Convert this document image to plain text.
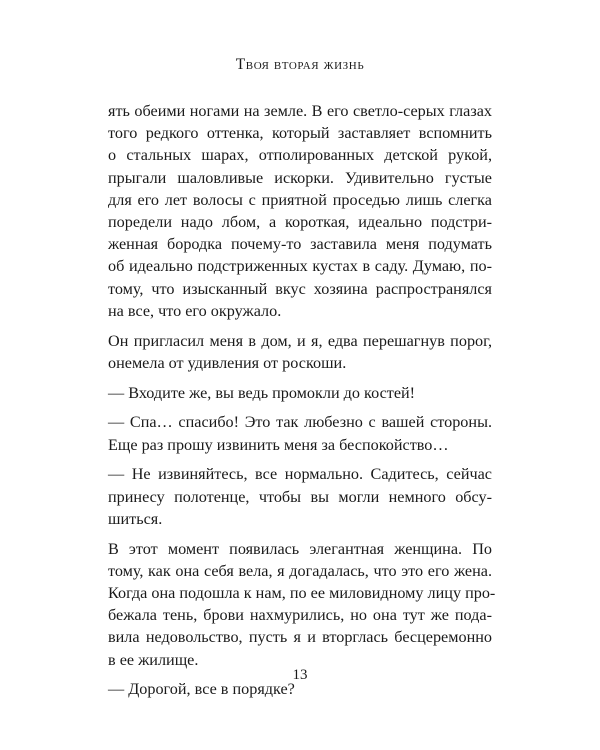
Твоя вторая жизнь
ять обеими ногами на земле. В его светло-серых глазах
того редкого оттенка, который заставляет вспомнить
о стальных шарах, отполированных детской рукой,
прыгали шаловливые искорки. Удивительно густые
для его лет волосы с приятной проседью лишь слегка
поредели надо лбом, а короткая, идеально подстри-
женная бородка почему-то заставила меня подумать
об идеально подстриженных кустах в саду. Думаю, по-
тому, что изысканный вкус хозяина распространялся
на все, что его окружало.
Он пригласил меня в дом, и я, едва перешагнув порог,
онемела от удивления от роскоши.
— Входите же, вы ведь промокли до костей!
— Спа… спасибо! Это так любезно с вашей стороны.
Еще раз прошу извинить меня за беспокойство…
— Не извиняйтесь, все нормально. Садитесь, сейчас
принесу полотенце, чтобы вы могли немного обсу-
шиться.
В этот момент появилась элегантная женщина. По
тому, как она себя вела, я догадалась, что это его жена.
Когда она подошла к нам, по ее миловидному лицу про-
бежала тень, брови нахмурились, но она тут же пода-
вила недовольство, пусть я и вторглась бесцеремонно
в ее жилище.
— Дорогой, все в порядке?
13
